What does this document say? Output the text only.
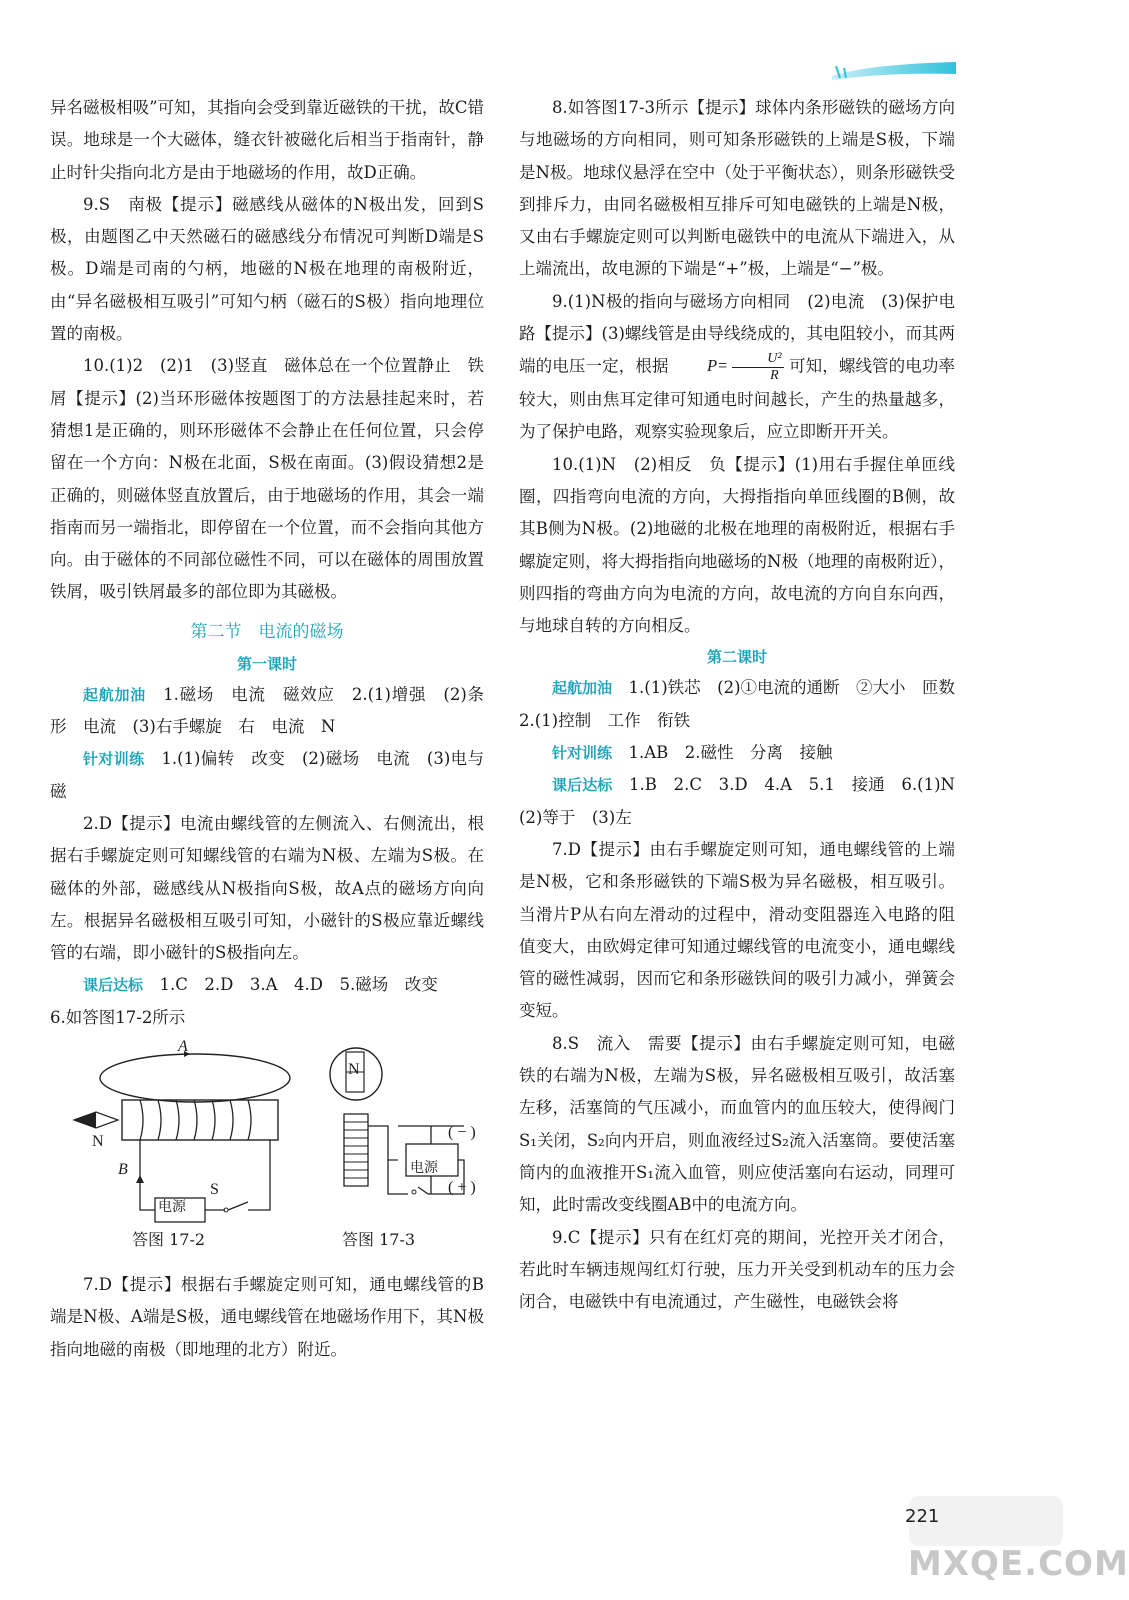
异名磁极相吸”可知，其指向会受到靠近磁铁的干扰，故C错误。地球是一个大磁体，缝衣针被磁化后相当于指南针，静止时针尖指向北方是由于地磁场的作用，故D正确。

9.S　南极【提示】磁感线从磁体的N极出发，回到S极，由题图乙中天然磁石的磁感线分布情况可判断D端是S极。D端是司南的勺柄，地磁的N极在地理的南极附近，由“异名磁极相互吸引”可知勺柄（磁石的S极）指向地理位置的南极。

10.(1)2　(2)1　(3)竖直　磁体总在一个位置静止　铁屑【提示】(2)当环形磁体按题图丁的方法悬挂起来时，若猜想1是正确的，则环形磁体不会静止在任何位置，只会停留在一个方向：N极在北面，S极在南面。(3)假设猜想2是正确的，则磁体竖直放置后，由于地磁场的作用，其会一端指南而另一端指北，即停留在一个位置，而不会指向其他方向。由于磁体的不同部位磁性不同，可以在磁体的周围放置铁屑，吸引铁屑最多的部位即为其磁极。

第二节　电流的磁场
第一课时

起航加油　 1.磁场　电流　磁效应　2.(1)增强　(2)条形　电流　(3)右手螺旋　右　电流　N

针对训练　 1.(1)偏转　改变　(2)磁场　电流　(3)电与磁

2.D【提示】电流由螺线管的左侧流入、右侧流出，根据右手螺旋定则可知螺线管的右端为N极、左端为S极。在磁体的外部，磁感线从N极指向S极，故A点的磁场方向向左。根据异名磁极相互吸引可知，小磁针的S极应靠近螺线管的右端，即小磁针的S极指向左。

课后达标　 1.C　2.D　3.A　4.D　5.磁场　改变

6.如答图17-2所示

A
N
B
S
电源
答图 17-2
N
电源
( − )
( + )
答图 17-3

7.D【提示】根据右手螺旋定则可知，通电螺线管的B端是N极、A端是S极，通电螺线管在地磁场作用下，其N极指向地磁的南极（即地理的北方）附近。

8.如答图17-3所示【提示】球体内条形磁铁的磁场方向与地磁场的方向相同，则可知条形磁铁的上端是S极，下端是N极。地球仪悬浮在空中（处于平衡状态），则条形磁铁受到排斥力，由同名磁极相互排斥可知电磁铁的上端是N极，又由右手螺旋定则可以判断电磁铁中的电流从下端进入，从上端流出，故电源的下端是“+”极，上端是“−”极。

9.(1)N极的指向与磁场方向相同　(2)电流　(3)保护电路【提示】(3)螺线管是由导线绕成的，其电阻较小，而其两端的电压一定，根据 $P= \frac{\text{U²}}{R}$ 可知，螺线管的电功率较大，则由焦耳定律可知通电时间越长，产生的热量越多，为了保护电路，观察实验现象后，应立即断开开关。

10.(1)N　(2)相反　负【提示】(1)用右手握住单匝线圈，四指弯向电流的方向，大拇指指向单匝线圈的B侧，故其B侧为N极。(2)地磁的北极在地理的南极附近，根据右手螺旋定则，将大拇指指向地磁场的N极（地理的南极附近），则四指的弯曲方向为电流的方向，故电流的方向自东向西，与地球自转的方向相反。

第二课时

起航加油　 1.(1)铁芯　(2)①电流的通断　②大小　匝数　2.(1)控制　工作　衔铁

针对训练　 1.AB　2.磁性　分离　接触

课后达标　 1.B　2.C　3.D　4.A　5.1　接通　6.(1)N　(2)等于　(3)左

7.D【提示】由右手螺旋定则可知，通电螺线管的上端是N极，它和条形磁铁的下端S极为异名磁极，相互吸引。当滑片P从右向左滑动的过程中，滑动变阻器连入电路的阻值变大，由欧姆定律可知通过螺线管的电流变小，通电螺线管的磁性减弱，因而它和条形磁铁间的吸引力减小，弹簧会变短。

8.S　流入　需要【提示】由右手螺旋定则可知，电磁铁的右端为N极，左端为S极，异名磁极相互吸引，故活塞左移，活塞筒的气压减小，而血管内的血压较大，使得阀门S₁关闭，S₂向内开启，则血液经过S₂流入活塞筒。要使活塞筒内的血液推开S₁流入血管，则应使活塞向右运动，同理可知，此时需改变线圈AB中的电流方向。

9.C【提示】只有在红灯亮的期间，光控开关才闭合，若此时车辆违规闯红灯行驶，压力开关受到机动车的压力会闭合，电磁铁中有电流通过，产生磁性，电磁铁会将

MXQE.COM
221
